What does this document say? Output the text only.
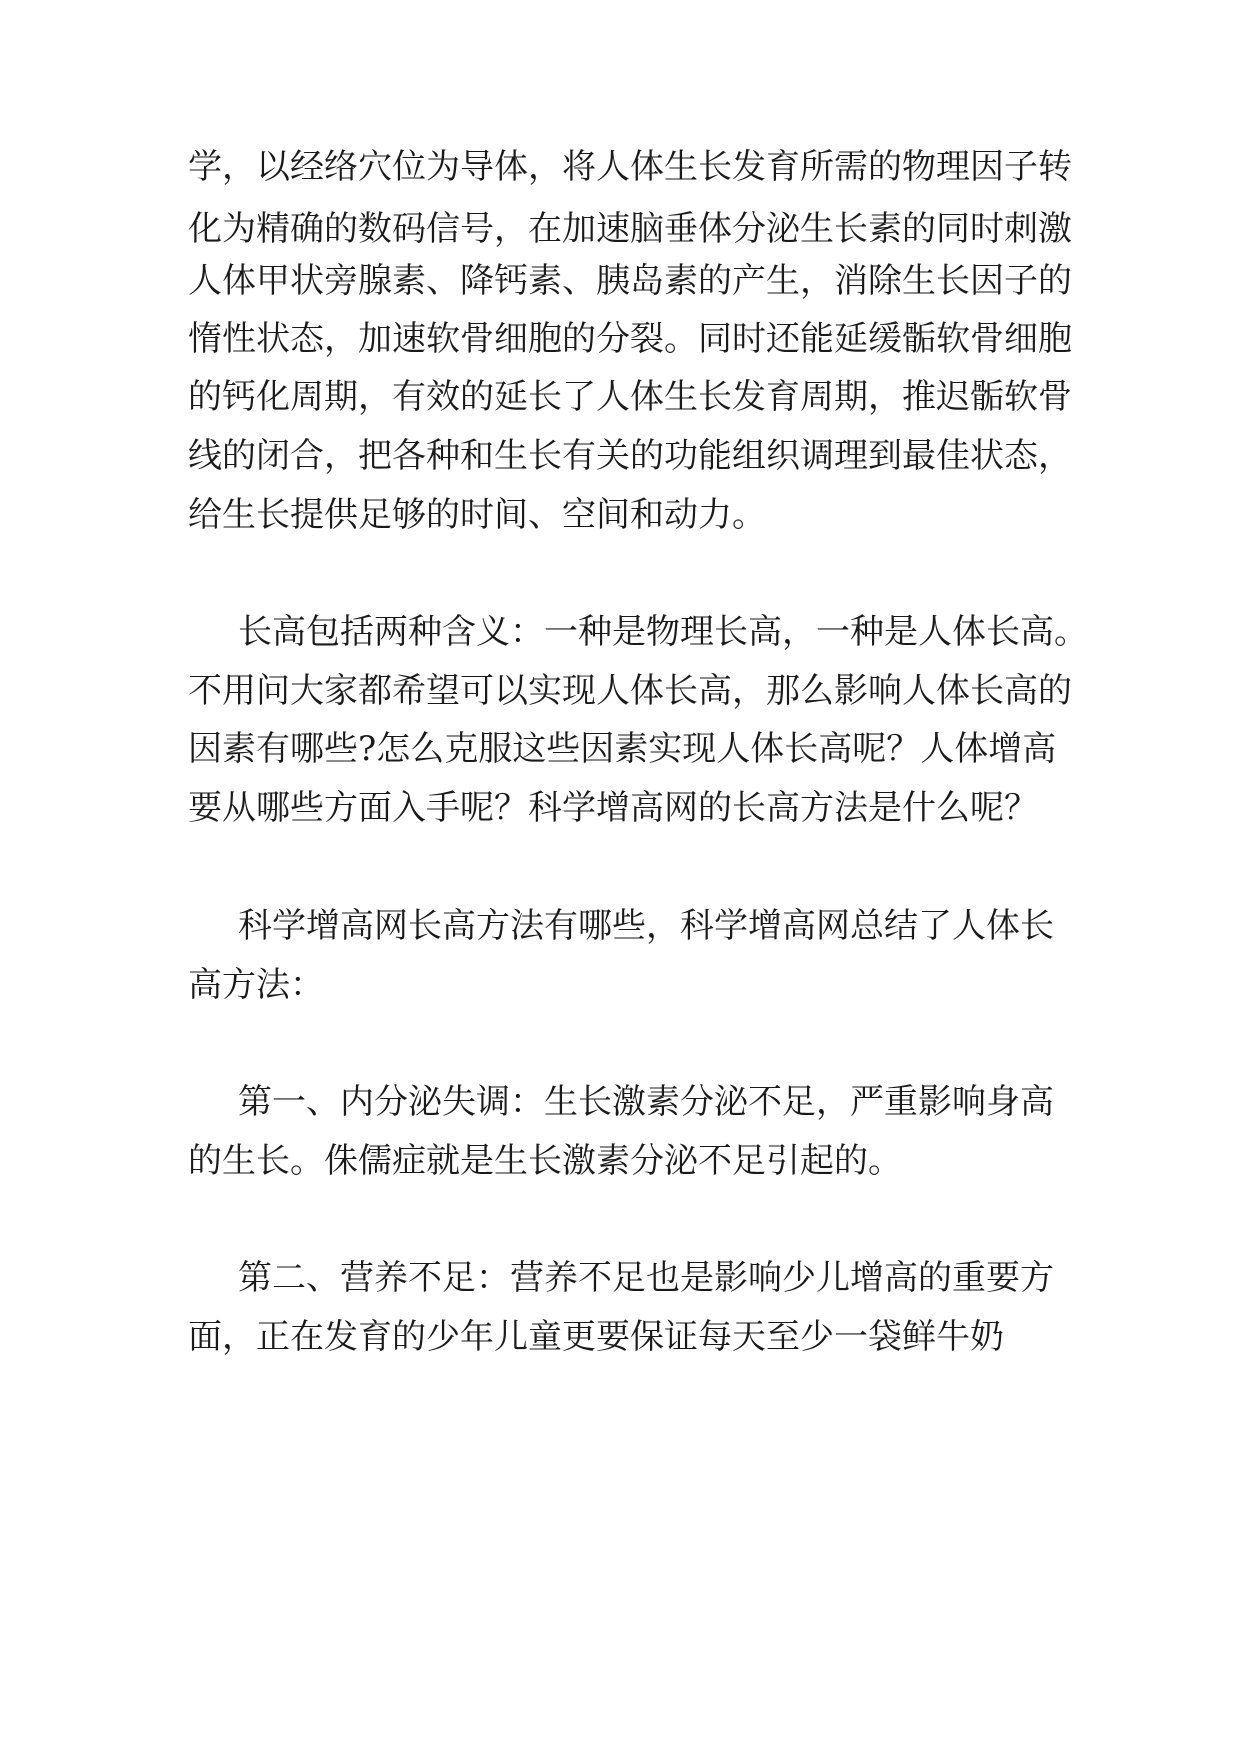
学，以经络穴位为导体，将人体生长发育所需的物理因子转
化为精确的数码信号，在加速脑垂体分泌生长素的同时刺激
人体甲状旁腺素、降钙素、胰岛素的产生，消除生长因子的
惰性状态，加速软骨细胞的分裂。同时还能延缓骺软骨细胞
的钙化周期，有效的延长了人体生长发育周期，推迟骺软骨
线的闭合，把各种和生长有关的功能组织调理到最佳状态，
给生长提供足够的时间、空间和动力。
长高包括两种含义：一种是物理长高，一种是人体长高。
不用问大家都希望可以实现人体长高，那么影响人体长高的
因素有哪些?怎么克服这些因素实现人体长高呢？人体增高
要从哪些方面入手呢？科学增高网的长高方法是什么呢？
科学增高网长高方法有哪些，科学增高网总结了人体长
高方法：
第一、内分泌失调：生长激素分泌不足，严重影响身高
的生长。侏儒症就是生长激素分泌不足引起的。
第二、营养不足：营养不足也是影响少儿增高的重要方
面，正在发育的少年儿童更要保证每天至少一袋鲜牛奶
